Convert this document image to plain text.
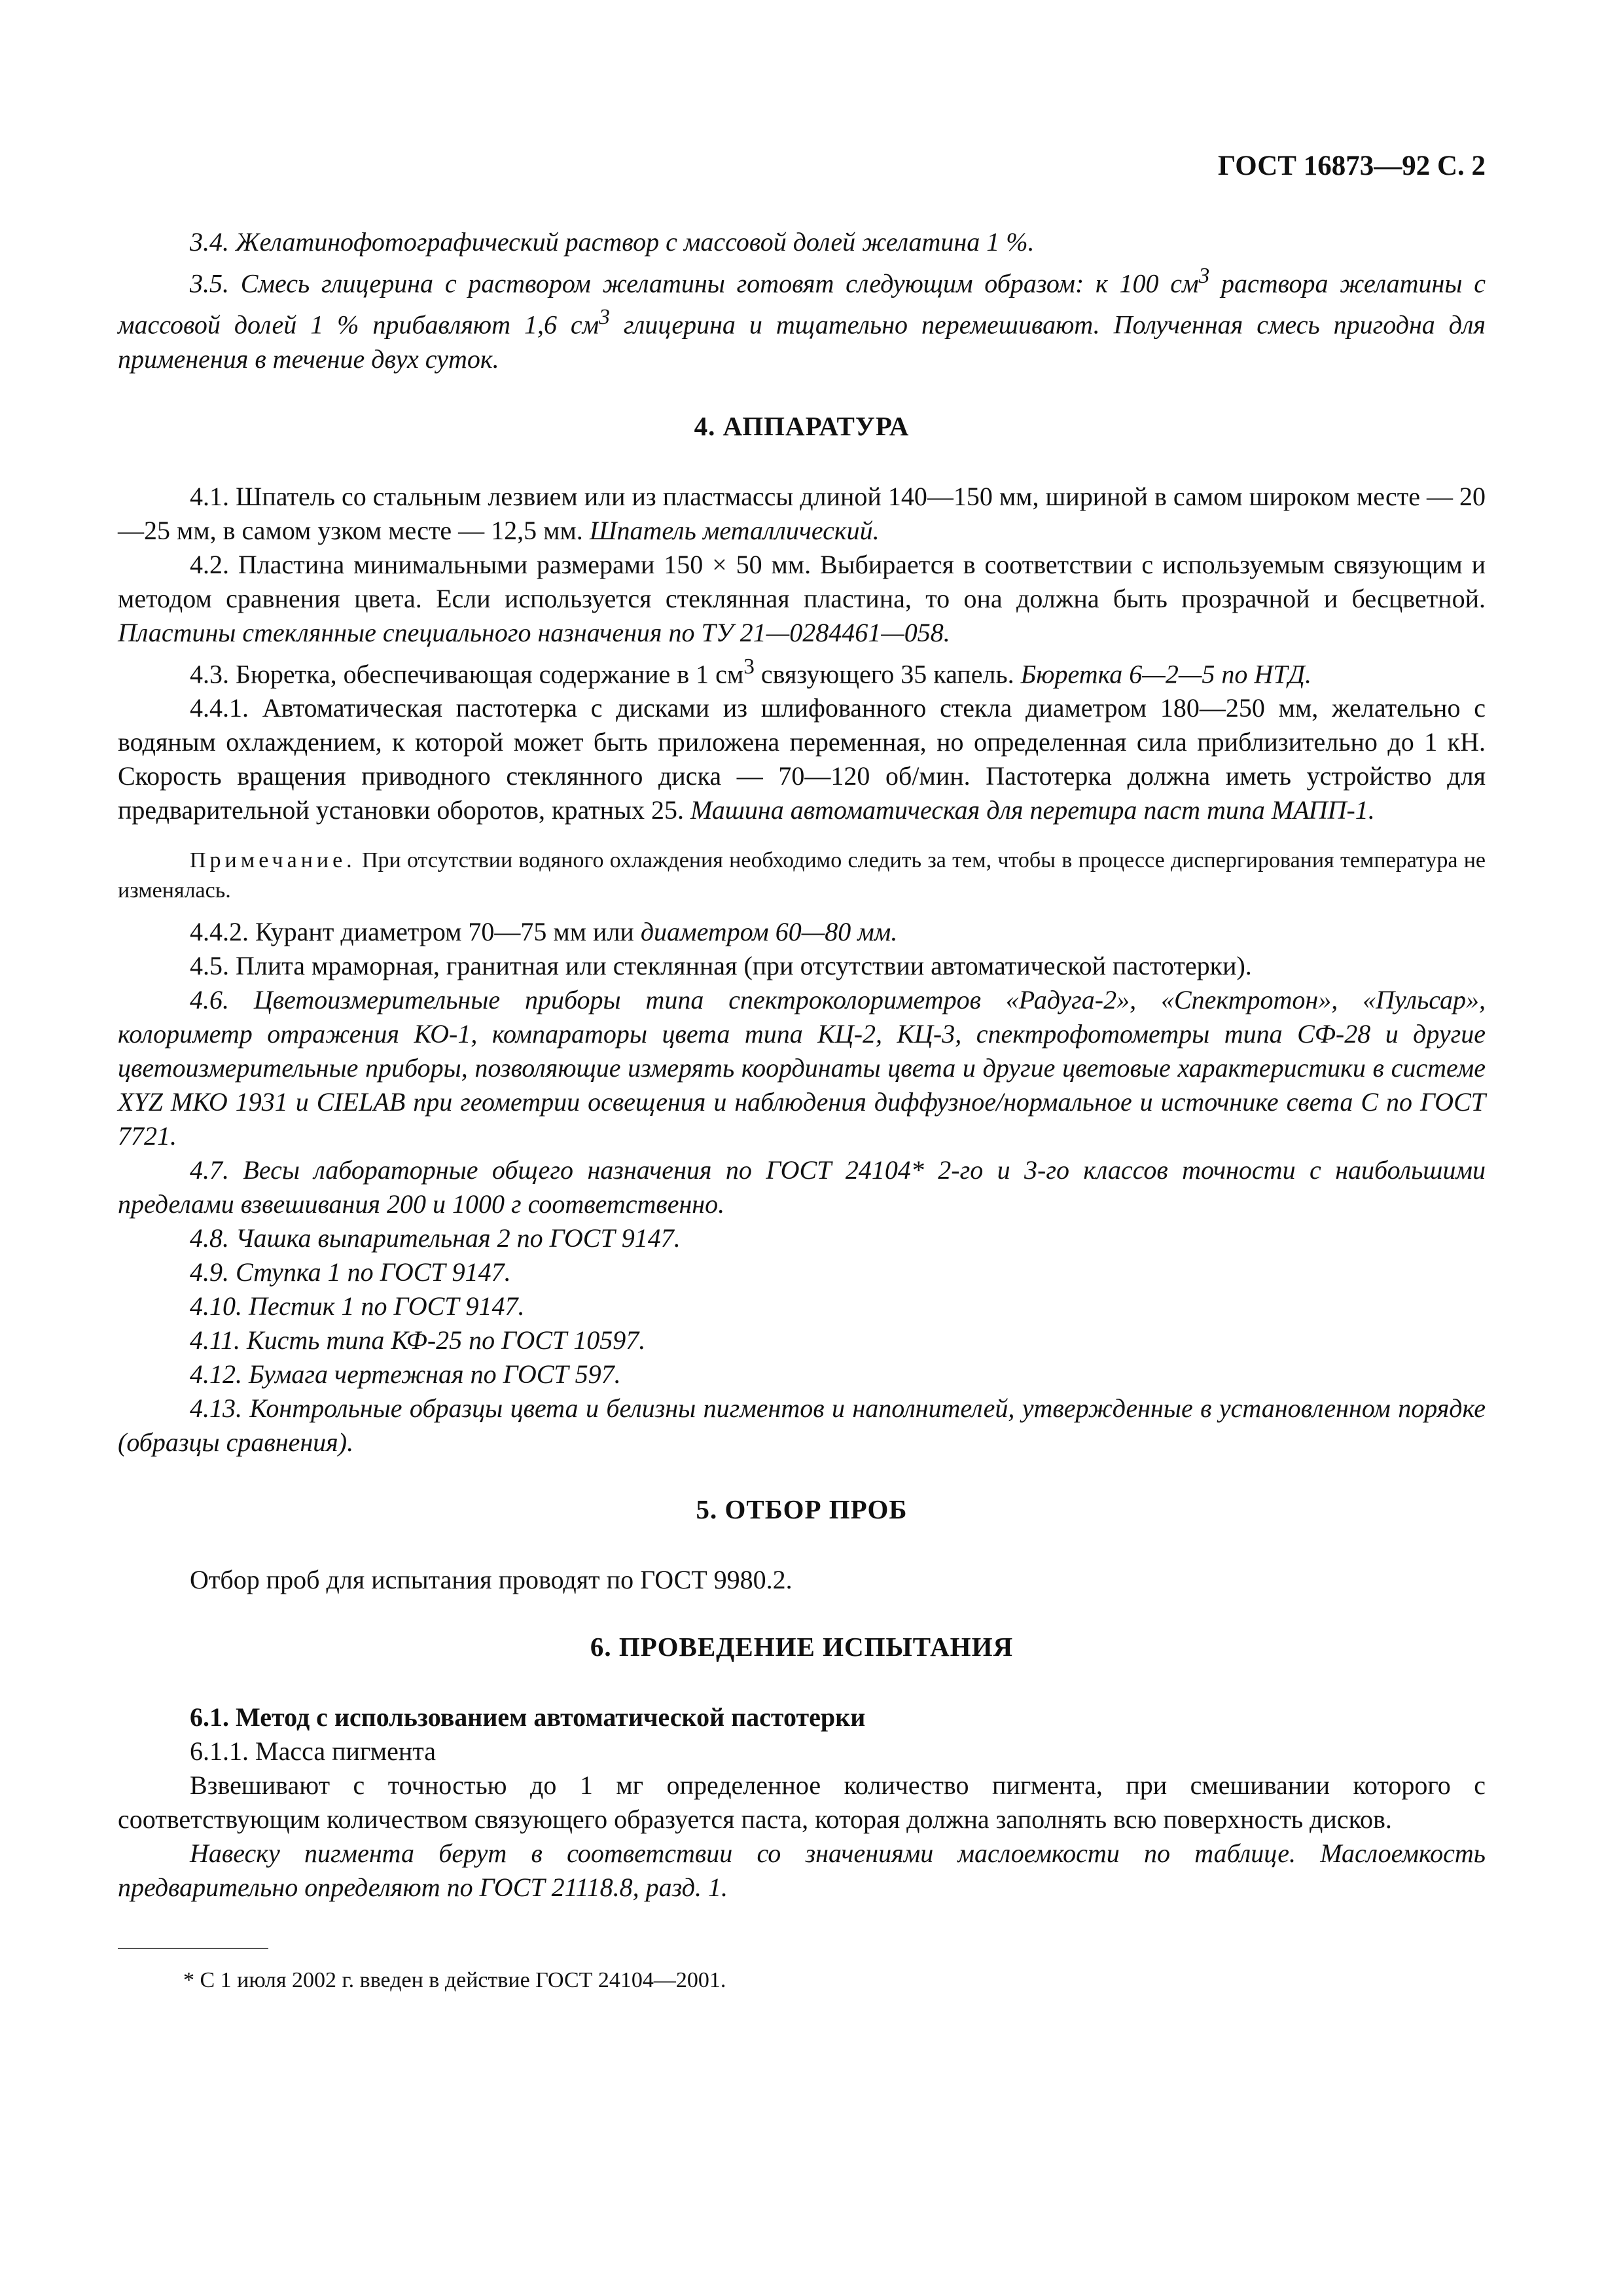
ГОСТ 16873—92 С. 2

3.4. Желатинофотографический раствор с массовой долей желатина 1 %.

3.5. Смесь глицерина с раствором желатины готовят следующим образом: к 100 $см^3$ раствора желатины с массовой долей 1 % прибавляют 1,6 $см^3$ глицерина и тщательно перемешивают. Полученная смесь пригодна для применения в течение двух суток.

4. АППАРАТУРА

4.1. Шпатель со стальным лезвием или из пластмассы длиной 140—150 мм, шириной в самом широком месте — 20—25 мм, в самом узком месте — 12,5 мм. Шпатель металлический.

4.2. Пластина минимальными размерами 150 × 50 мм. Выбирается в соответствии с используемым связующим и методом сравнения цвета. Если используется стеклянная пластина, то она должна быть прозрачной и бесцветной. Пластины стеклянные специального назначения по ТУ 21—0284461—058.

4.3. Бюретка, обеспечивающая содержание в 1 $см^3$ связующего 35 капель. Бюретка 6—2—5 по НТД.

4.4.1. Автоматическая пастотерка с дисками из шлифованного стекла диаметром 180—250 мм, желательно с водяным охлаждением, к которой может быть приложена переменная, но определенная сила приблизительно до 1 кН. Скорость вращения приводного стеклянного диска — 70—120 об/мин. Пастотерка должна иметь устройство для предварительной установки оборотов, кратных 25. Машина автоматическая для перетира паст типа МАПП-1.

Примечание. При отсутствии водяного охлаждения необходимо следить за тем, чтобы в процессе диспергирования температура не изменялась.

4.4.2. Курант диаметром 70—75 мм или диаметром 60—80 мм.

4.5. Плита мраморная, гранитная или стеклянная (при отсутствии автоматической пастотерки).

4.6. Цветоизмерительные приборы типа спектроколориметров «Радуга-2», «Спектротон», «Пульсар», колориметр отражения КО-1, компараторы цвета типа КЦ-2, КЦ-3, спектрофотометры типа СФ-28 и другие цветоизмерительные приборы, позволяющие измерять координаты цвета и другие цветовые характеристики в системе XYZ МКО 1931 и CIELAB при геометрии освещения и наблюдения диффузное/нормальное и источнике света С по ГОСТ 7721.

4.7. Весы лабораторные общего назначения по ГОСТ 24104* 2-го и 3-го классов точности с наибольшими пределами взвешивания 200 и 1000 г соответственно.

4.8. Чашка выпарительная 2 по ГОСТ 9147.

4.9. Ступка 1 по ГОСТ 9147.

4.10. Пестик 1 по ГОСТ 9147.

4.11. Кисть типа КФ-25 по ГОСТ 10597.

4.12. Бумага чертежная по ГОСТ 597.

4.13. Контрольные образцы цвета и белизны пигментов и наполнителей, утвержденные в установленном порядке (образцы сравнения).

5. ОТБОР ПРОБ

Отбор проб для испытания проводят по ГОСТ 9980.2.

6. ПРОВЕДЕНИЕ ИСПЫТАНИЯ
6.1. Метод с использованием автоматической пастотерки

6.1.1. Масса пигмента

Взвешивают с точностью до 1 мг определенное количество пигмента, при смешивании которого с соответствующим количеством связующего образуется паста, которая должна заполнять всю поверхность дисков.

Навеску пигмента берут в соответствии со значениями маслоемкости по таблице. Маслоемкость предварительно определяют по ГОСТ 21118.8, разд. 1.

* С 1 июля 2002 г. введен в действие ГОСТ 24104—2001.
